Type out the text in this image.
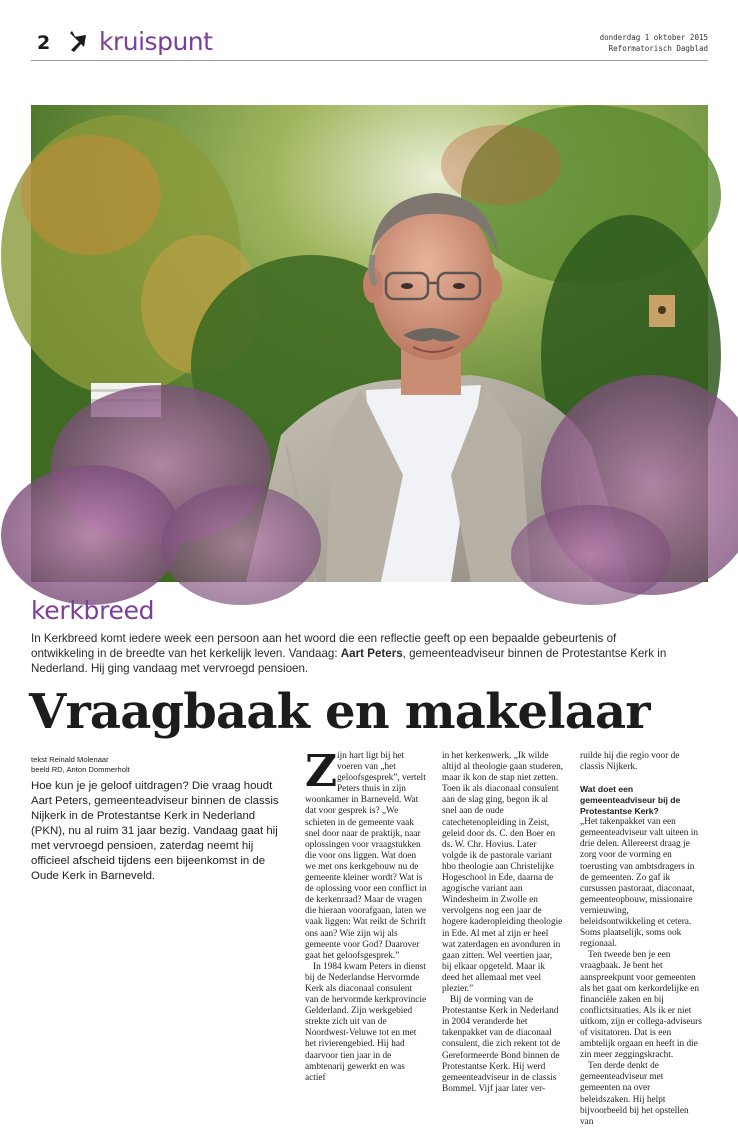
2 kruispunt	donderdag 1 oktober 2015
Reformatorisch Dagblad
kerkbreed
In Kerkbreed komt iedere week een persoon aan het woord die een reflectie geeft op een bepaalde gebeurtenis of ontwikkeling in de breedte van het kerkelijk leven. Vandaag: Aart Peters, gemeenteadviseur binnen de Protestantse Kerk in Nederland. Hij ging vandaag met vervroegd pensioen.
Vraagbaak en makelaar
tekst Reinald Molenaar
beeld RD, Anton Dommerholt

Hoe kun je je geloof uitdragen? Die vraag houdt Aart Peters, gemeenteadviseur binnen de classis Nijkerk in de Protestantse Kerk in Nederland (PKN), nu al ruim 31 jaar bezig. Vandaag gaat hij met vervroegd pensioen, zaterdag neemt hij officieel afscheid tijdens een bijeenkomst in de Oude Kerk in Barneveld.

Zijn hart ligt bij het voeren van „het geloofsgesprek”, vertelt Peters thuis in zijn woonkamer in Barneveld. Wat dat voor gesprek is? „We schieten in de gemeente vaak snel door naar de praktijk, naar oplossingen voor vraagstukken die voor ons liggen. Wat doen we met ons kerkgebouw nu de gemeente kleiner wordt? Wat is de oplossing voor een conflict in de kerkenraad? Maar de vragen die hieraan voorafgaan, laten we vaak liggen: Wat reikt de Schrift ons aan? Wie zijn wij als gemeente voor God? Daarover gaat het geloofsgesprek.”

In 1984 kwam Peters in dienst bij de Nederlandse Hervormde Kerk als diaconaal consulent van de hervormde kerkprovincie Gelderland. Zijn werkgebied strekte zich uit van de Noordwest-Veluwe tot en met het rivierengebied. Hij had daarvoor tien jaar in de ambtenarij gewerkt en was actief

in het kerkenwerk. „Ik wilde altijd al theologie gaan studeren, maar ik kon de stap niet zetten. Toen ik als diaconaal consulent aan de slag ging, begon ik al snel aan de oude catechetenopleiding in Zeist, geleid door ds. C. den Boer en ds. W. Chr. Hovius. Later volgde ik de pastorale variant hbo theologie aan Christelijke Hogeschool in Ede, daarna de agogische variant aan Windesheim in Zwolle en vervolgens nog een jaar de hogere kaderopleiding theologie in Ede. Al met al zijn er heel wat zaterdagen en avonduren in gaan zitten. Wel veertien jaar, bij elkaar opgeteld. Maar ik deed het allemaal met veel plezier.”

Bij de vorming van de Protestantse Kerk in Nederland in 2004 veranderde het takenpakket van de diaconaal consulent, die zich rekent tot de Gereformeerde Bond binnen de Protestantse Kerk. Hij werd gemeenteadviseur in de classis Bommel. Vijf jaar later ver-

ruilde hij die regio voor de classis Nijkerk.

Wat doet een gemeenteadviseur bij de Protestantse Kerk?

„Het takenpakket van een gemeenteadviseur valt uiteen in drie delen. Allereerst draag je zorg voor de vorming en toerusting van ambtsdragers in de gemeenten. Zo gaf ik cursussen pastoraat, diaconaat, gemeenteopbouw, missionaire vernieuwing, beleidsontwikkeling et cetera. Soms plaatselijk, soms ook regionaal.

Ten tweede ben je een vraagbaak. Je bent het aanspreekpunt voor gemeenten als het gaat om kerkordelijke en financiële zaken en bij conflictsituaties. Als ik er niet uitkom, zijn er collega-adviseurs of visitatoren. Dat is een ambtelijk orgaan en heeft in die zin meer zeggingskracht.

Ten derde denkt de gemeenteadviseur met gemeenten na over beleidszaken. Hij helpt bijvoorbeeld bij het opstellen van
